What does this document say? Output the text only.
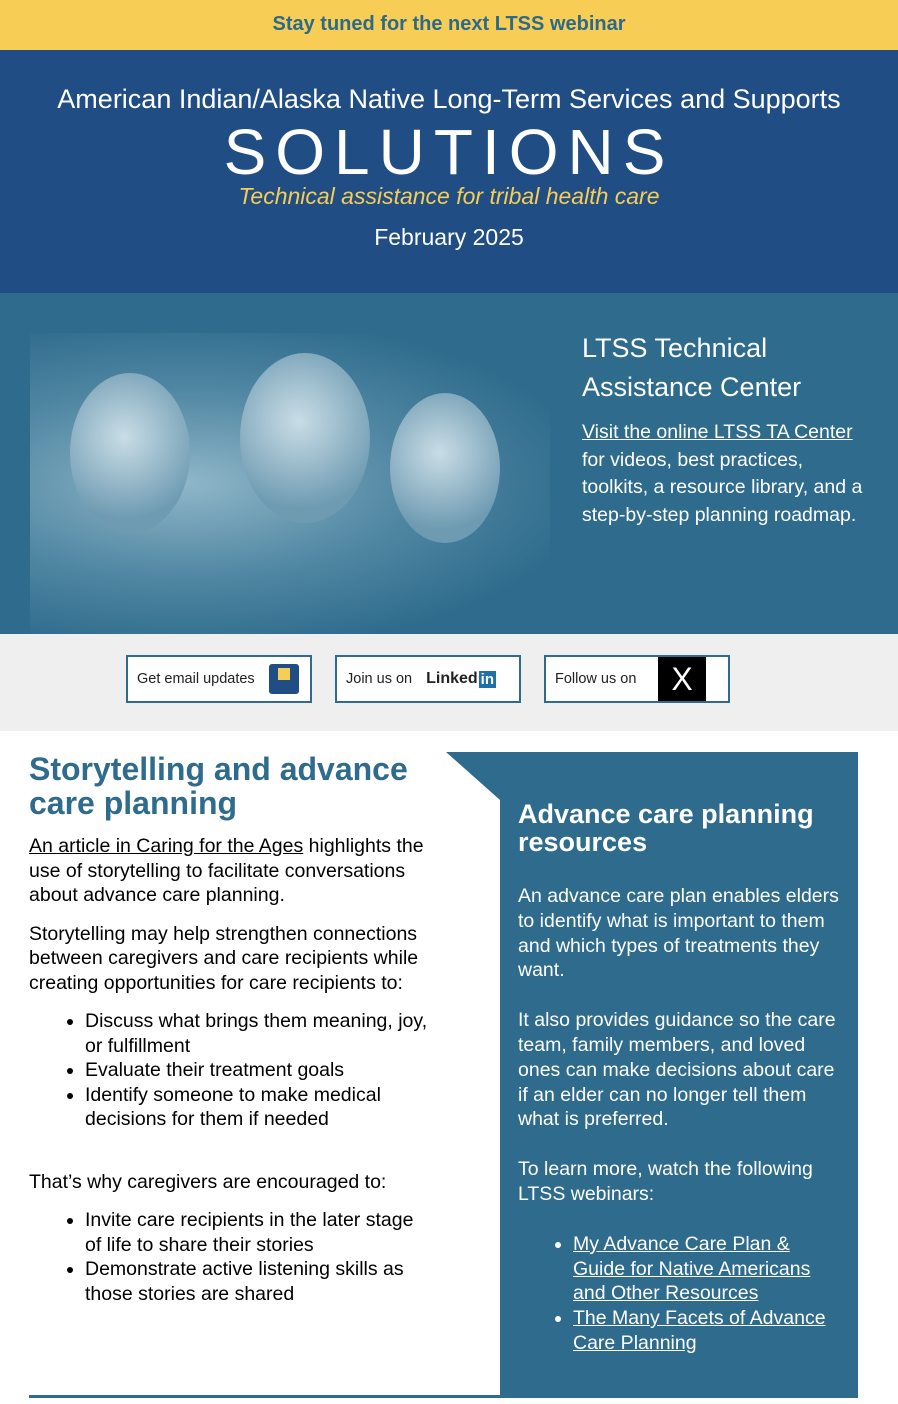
Stay tuned for the next LTSS webinar
American Indian/Alaska Native Long-Term Services and Supports
SOLUTIONS
Technical assistance for tribal health care
February 2025
LTSS Technical
Assistance Center

Visit the online LTSS TA Center for videos, best practices, toolkits, a resource library, and a step-by-step planning roadmap.

Get email updates	Join us on Linked in	Follow us on	X
Storytelling and advance care planning

An article in Caring for the Ages highlights the use of storytelling to facilitate conversations about advance care planning.

Storytelling may help strengthen connections between caregivers and care recipients while creating opportunities for care recipients to:

• Discuss what brings them meaning, joy, or fulfillment
• Evaluate their treatment goals
• Identify someone to make medical decisions for them if needed

That’s why caregivers are encouraged to:

• Invite care recipients in the later stage of life to share their stories
• Demonstrate active listening skills as those stories are shared
Advance care planning resources

An advance care plan enables elders to identify what is important to them and which types of treatments they want.

It also provides guidance so the care team, family members, and loved ones can make decisions about care if an elder can no longer tell them what is preferred.

To learn more, watch the following LTSS webinars:

• My Advance Care Plan & Guide for Native Americans and Other Resources
• The Many Facets of Advance Care Planning
